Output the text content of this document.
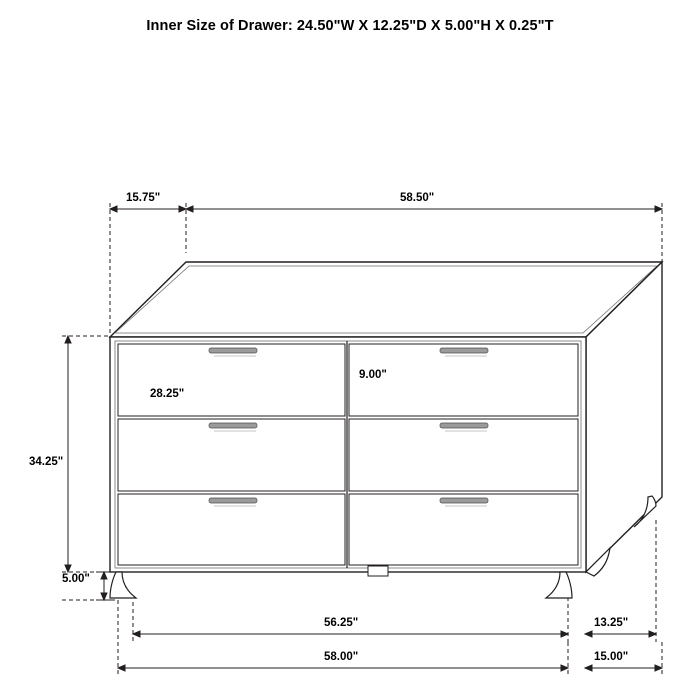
Inner Size of Drawer: 24.50"W X 12.25"D X 5.00"H X 0.25"T
15.75"	58.50"
28.25"
9.00"
34.25"
5.00"
56.25"
58.00"
13.25"
15.00"
